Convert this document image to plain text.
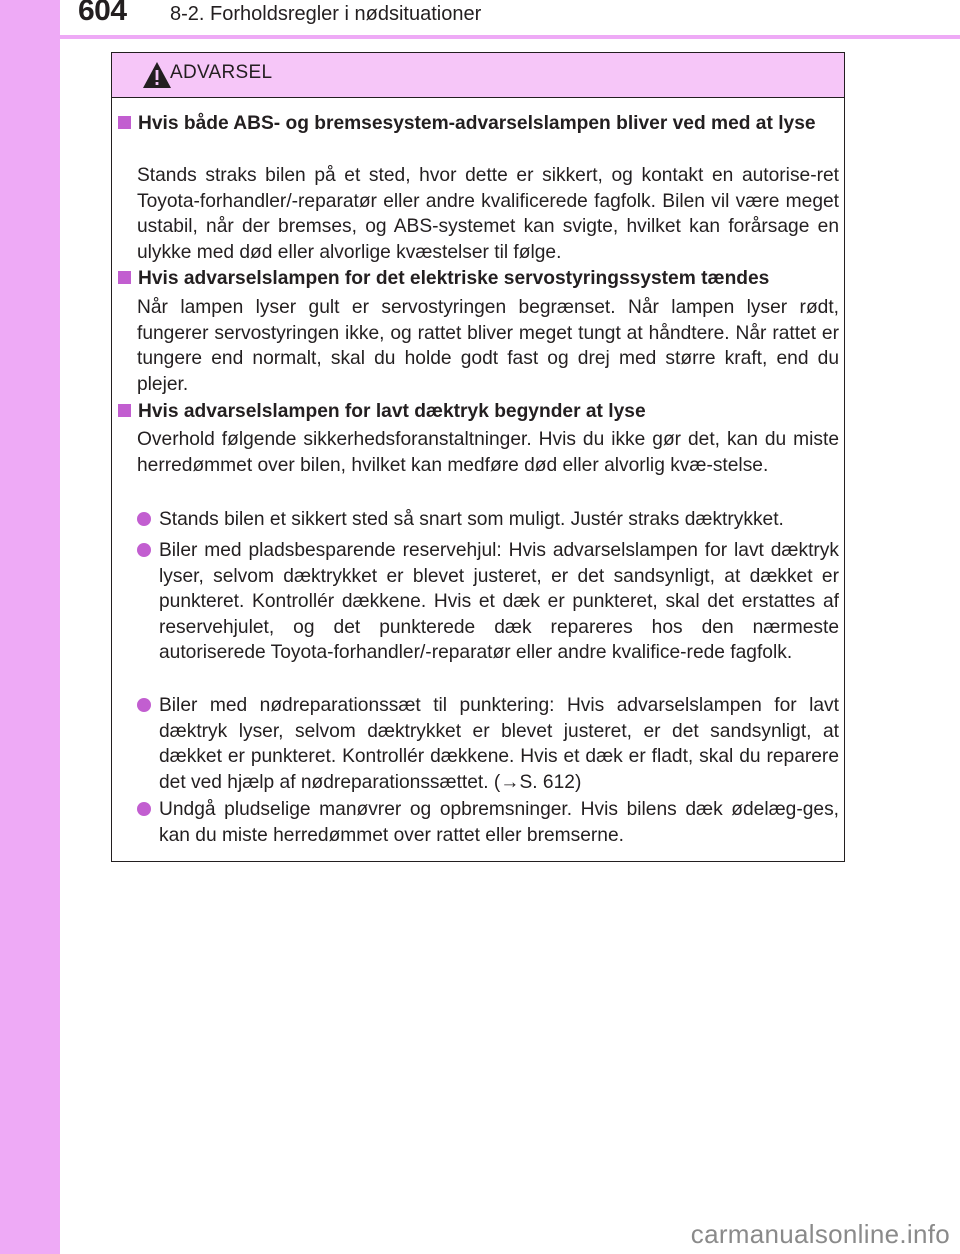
604 8-2. Forholdsregler i nødsituationer
ADVARSEL
Hvis både ABS- og bremsesystem-advarselslampen bliver ved med at lyse
Stands straks bilen på et sted, hvor dette er sikkert, og kontakt en autorise-ret Toyota-forhandler/-reparatør eller andre kvalificerede fagfolk. Bilen vil være meget ustabil, når der bremses, og ABS-systemet kan svigte, hvilket kan forårsage en ulykke med død eller alvorlige kvæstelser til følge.
Hvis advarselslampen for det elektriske servostyringssystem tændes
Når lampen lyser gult er servostyringen begrænset. Når lampen lyser rødt, fungerer servostyringen ikke, og rattet bliver meget tungt at håndtere. Når rattet er tungere end normalt, skal du holde godt fast og drej med større kraft, end du plejer.
Hvis advarselslampen for lavt dæktryk begynder at lyse
Overhold følgende sikkerhedsforanstaltninger. Hvis du ikke gør det, kan du miste herredømmet over bilen, hvilket kan medføre død eller alvorlig kvæ-stelse.
Stands bilen et sikkert sted så snart som muligt. Justér straks dæktrykket.
Biler med pladsbesparende reservehjul: Hvis advarselslampen for lavt dæktryk lyser, selvom dæktrykket er blevet justeret, er det sandsynligt, at dækket er punkteret. Kontrollér dækkene. Hvis et dæk er punkteret, skal det erstattes af reservehjulet, og det punkterede dæk repareres hos den nærmeste autoriserede Toyota-forhandler/-reparatør eller andre kvalifice-rede fagfolk.
Biler med nødreparationssæt til punktering: Hvis advarselslampen for lavt dæktryk lyser, selvom dæktrykket er blevet justeret, er det sandsynligt, at dækket er punkteret. Kontrollér dækkene. Hvis et dæk er fladt, skal du reparere det ved hjælp af nødreparationssættet. (→S. 612)
Undgå pludselige manøvrer og opbremsninger. Hvis bilens dæk ødelæg-ges, kan du miste herredømmet over rattet eller bremserne.
carmanualsonline.info
